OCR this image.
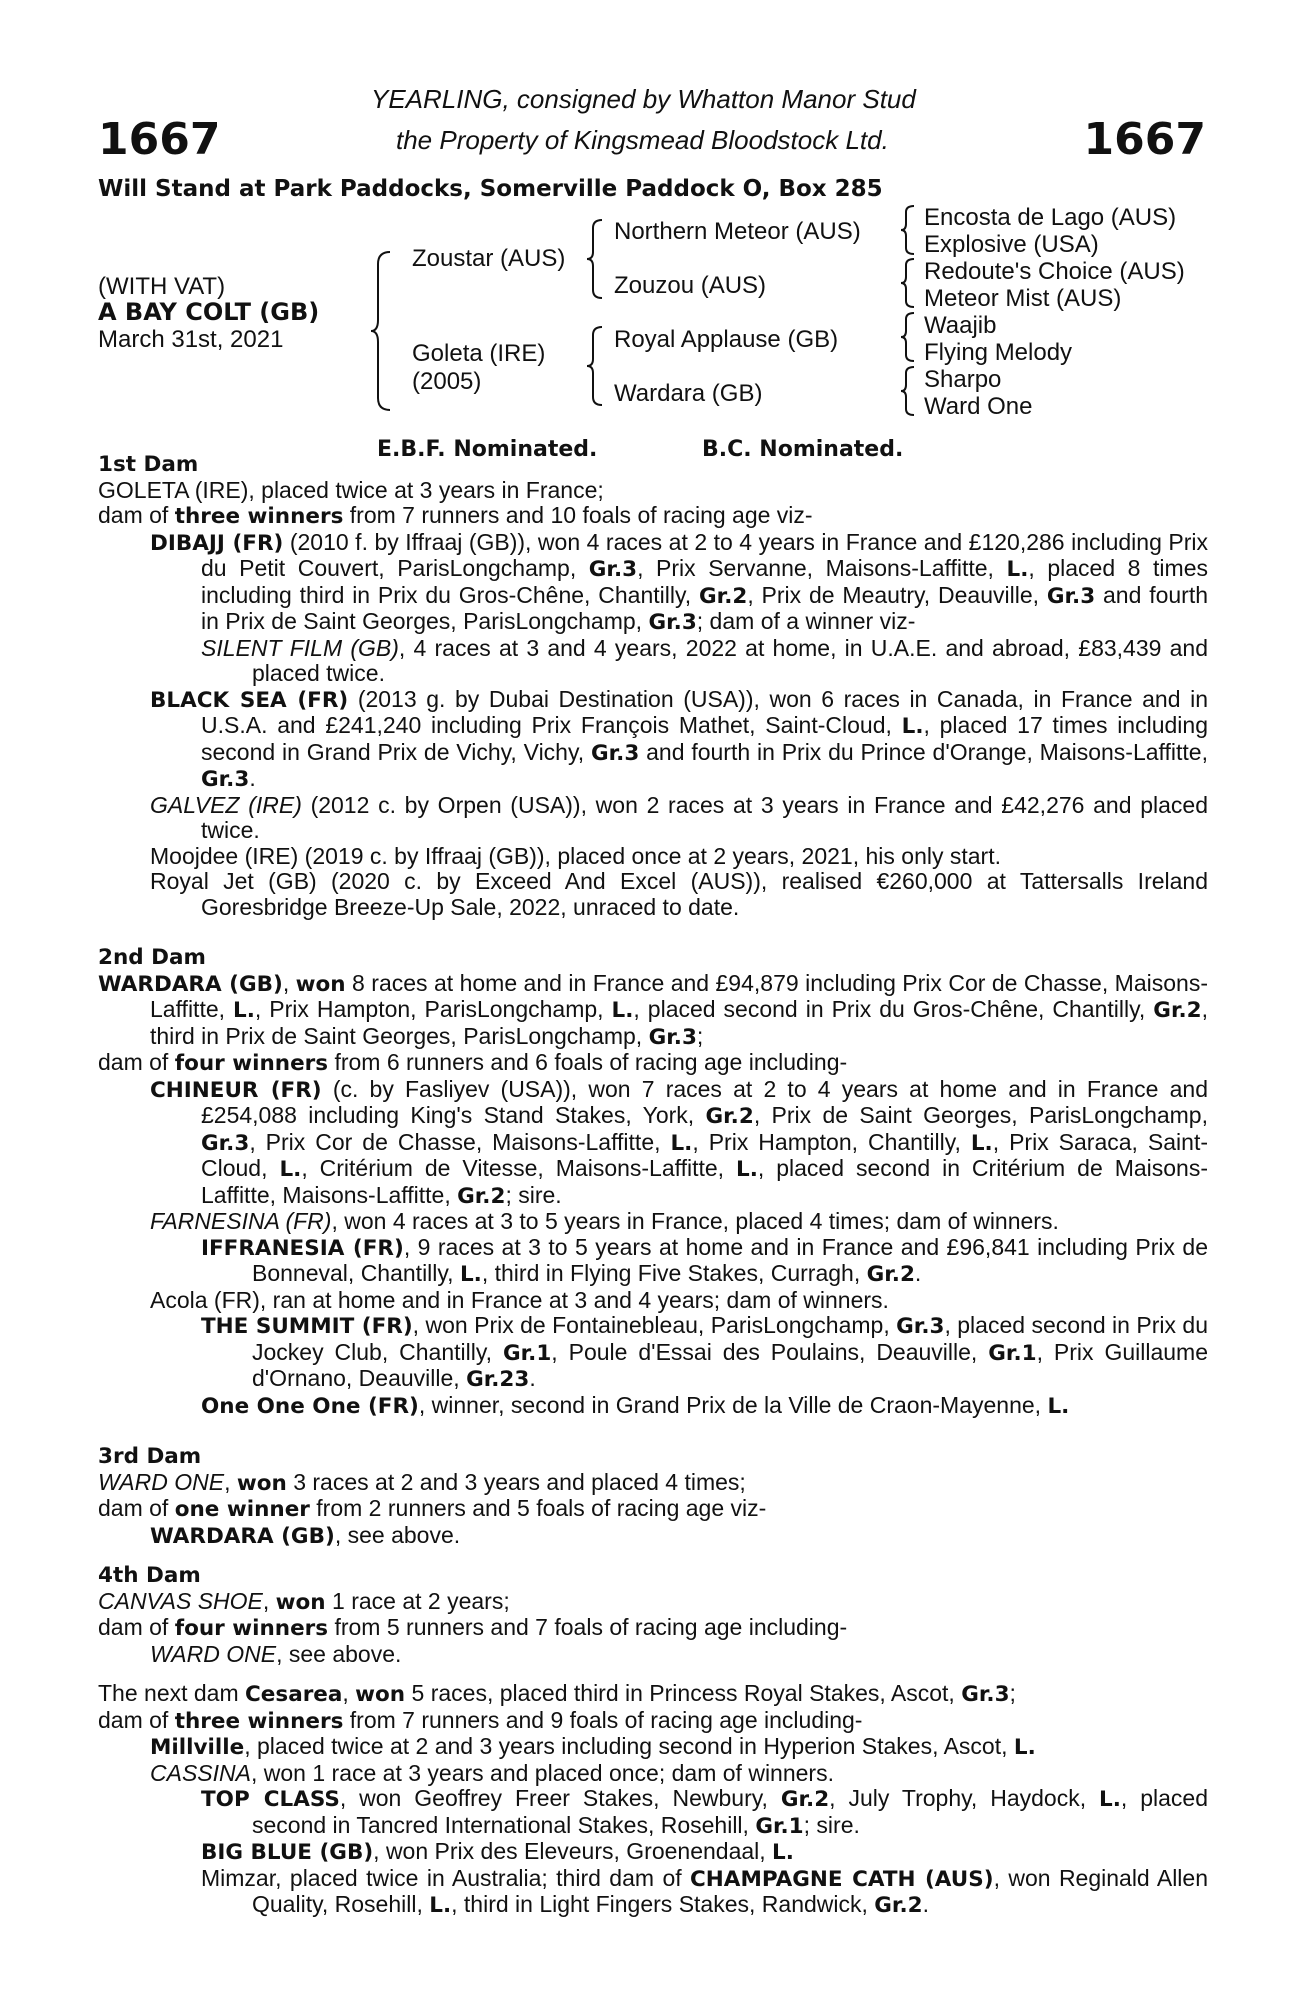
1667	1667
YEARLING, consigned by Whatton Manor Stud
the Property of Kingsmead Bloodstock Ltd.
Will Stand at Park Paddocks, Somerville Paddock O, Box 285
(WITH VAT)
A BAY COLT (GB)
March 31st, 2021
Zoustar (AUS)
Goleta (IRE)
(2005)
Northern Meteor (AUS)
Zouzou (AUS)
Royal Applause (GB)
Wardara (GB)
Encosta de Lago (AUS)
Explosive (USA)
Redoute's Choice (AUS)
Meteor Mist (AUS)
Waajib
Flying Melody
Sharpo
Ward One
E.B.F. Nominated.	B.C. Nominated.

1st Dam

GOLETA (IRE), placed twice at 3 years in France;

dam of three winners from 7 runners and 10 foals of racing age viz-

DIBAJJ (FR) (2010 f. by Iffraaj (GB)), won 4 races at 2 to 4 years in France and £120,286 including Prix du Petit Couvert, ParisLongchamp, Gr.3, Prix Servanne, Maisons-Laffitte, L., placed 8 times including third in Prix du Gros-Chêne, Chantilly, Gr.2, Prix de Meautry, Deauville, Gr.3 and fourth in Prix de Saint Georges, ParisLongchamp, Gr.3; dam of a winner viz-

SILENT FILM (GB), 4 races at 3 and 4 years, 2022 at home, in U.A.E. and abroad, £83,439 and placed twice.

BLACK SEA (FR) (2013 g. by Dubai Destination (USA)), won 6 races in Canada, in France and in U.S.A. and £241,240 including Prix François Mathet, Saint-Cloud, L., placed 17 times including second in Grand Prix de Vichy, Vichy, Gr.3 and fourth in Prix du Prince d'Orange, Maisons-Laffitte, Gr.3.

GALVEZ (IRE) (2012 c. by Orpen (USA)), won 2 races at 3 years in France and £42,276 and placed twice.

Moojdee (IRE) (2019 c. by Iffraaj (GB)), placed once at 2 years, 2021, his only start.

Royal Jet (GB) (2020 c. by Exceed And Excel (AUS)), realised €260,000 at Tattersalls Ireland Goresbridge Breeze-Up Sale, 2022, unraced to date.

2nd Dam

WARDARA (GB), won 8 races at home and in France and £94,879 including Prix Cor de Chasse, Maisons-Laffitte, L., Prix Hampton, ParisLongchamp, L., placed second in Prix du Gros-Chêne, Chantilly, Gr.2, third in Prix de Saint Georges, ParisLongchamp, Gr.3;

dam of four winners from 6 runners and 6 foals of racing age including-

CHINEUR (FR) (c. by Fasliyev (USA)), won 7 races at 2 to 4 years at home and in France and £254,088 including King's Stand Stakes, York, Gr.2, Prix de Saint Georges, ParisLongchamp, Gr.3, Prix Cor de Chasse, Maisons-Laffitte, L., Prix Hampton, Chantilly, L., Prix Saraca, Saint-Cloud, L., Critérium de Vitesse, Maisons-Laffitte, L., placed second in Critérium de Maisons-Laffitte, Maisons-Laffitte, Gr.2; sire.

FARNESINA (FR), won 4 races at 3 to 5 years in France, placed 4 times; dam of winners.

IFFRANESIA (FR), 9 races at 3 to 5 years at home and in France and £96,841 including Prix de Bonneval, Chantilly, L., third in Flying Five Stakes, Curragh, Gr.2.

Acola (FR), ran at home and in France at 3 and 4 years; dam of winners.

THE SUMMIT (FR), won Prix de Fontainebleau, ParisLongchamp, Gr.3, placed second in Prix du Jockey Club, Chantilly, Gr.1, Poule d'Essai des Poulains, Deauville, Gr.1, Prix Guillaume d'Ornano, Deauville, Gr.23.

One One One (FR), winner, second in Grand Prix de la Ville de Craon-Mayenne, L.

3rd Dam

WARD ONE, won 3 races at 2 and 3 years and placed 4 times;

dam of one winner from 2 runners and 5 foals of racing age viz-

WARDARA (GB), see above.

4th Dam

CANVAS SHOE, won 1 race at 2 years;

dam of four winners from 5 runners and 7 foals of racing age including-

WARD ONE, see above.

The next dam Cesarea, won 5 races, placed third in Princess Royal Stakes, Ascot, Gr.3;

dam of three winners from 7 runners and 9 foals of racing age including-

Millville, placed twice at 2 and 3 years including second in Hyperion Stakes, Ascot, L.

CASSINA, won 1 race at 3 years and placed once; dam of winners.

TOP CLASS, won Geoffrey Freer Stakes, Newbury, Gr.2, July Trophy, Haydock, L., placed second in Tancred International Stakes, Rosehill, Gr.1; sire.

BIG BLUE (GB), won Prix des Eleveurs, Groenendaal, L.

Mimzar, placed twice in Australia; third dam of CHAMPAGNE CATH (AUS), won Reginald Allen Quality, Rosehill, L., third in Light Fingers Stakes, Randwick, Gr.2.
